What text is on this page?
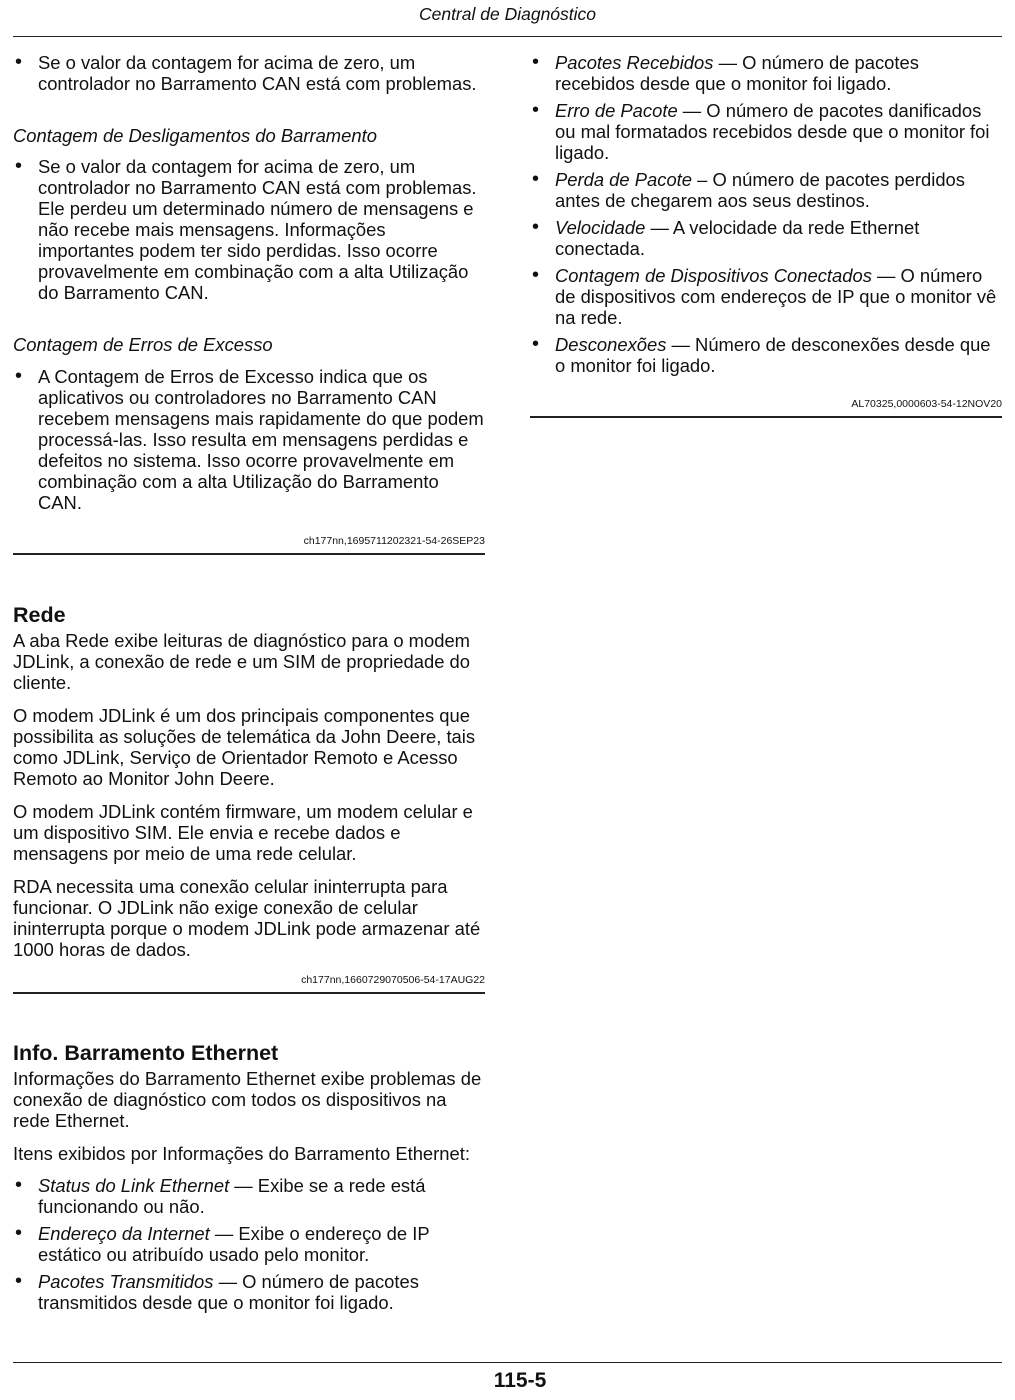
Central de Diagnóstico
• Se o valor da contagem for acima de zero, um controlador no Barramento CAN está com problemas.

Contagem de Desligamentos do Barramento

• Se o valor da contagem for acima de zero, um controlador no Barramento CAN está com problemas. Ele perdeu um determinado número de mensagens e não recebe mais mensagens. Informações importantes podem ter sido perdidas. Isso ocorre provavelmente em combinação com a alta Utilização do Barramento CAN.

Contagem de Erros de Excesso

• A Contagem de Erros de Excesso indica que os aplicativos ou controladores no Barramento CAN recebem mensagens mais rapidamente do que podem processá-las. Isso resulta em mensagens perdidas e defeitos no sistema. Isso ocorre provavelmente em combinação com a alta Utilização do Barramento CAN.
ch177nn,1695711202321-54-26SEP23
Rede

A aba Rede exibe leituras de diagnóstico para o modem JDLink, a conexão de rede e um SIM de propriedade do cliente.

O modem JDLink é um dos principais componentes que possibilita as soluções de telemática da John Deere, tais como JDLink, Serviço de Orientador Remoto e Acesso Remoto ao Monitor John Deere.

O modem JDLink contém firmware, um modem celular e um dispositivo SIM. Ele envia e recebe dados e mensagens por meio de uma rede celular.

RDA necessita uma conexão celular ininterrupta para funcionar. O JDLink não exige conexão de celular ininterrupta porque o modem JDLink pode armazenar até 1000 horas de dados.

ch177nn,1660729070506-54-17AUG22
Info. Barramento Ethernet

Informações do Barramento Ethernet exibe problemas de conexão de diagnóstico com todos os dispositivos na rede Ethernet.

Itens exibidos por Informações do Barramento Ethernet:

• Status do Link Ethernet — Exibe se a rede está funcionando ou não.
• Endereço da Internet — Exibe o endereço de IP estático ou atribuído usado pelo monitor.
• Pacotes Transmitidos — O número de pacotes transmitidos desde que o monitor foi ligado.
• Pacotes Recebidos — O número de pacotes recebidos desde que o monitor foi ligado.
• Erro de Pacote — O número de pacotes danificados ou mal formatados recebidos desde que o monitor foi ligado.
• Perda de Pacote – O número de pacotes perdidos antes de chegarem aos seus destinos.
• Velocidade — A velocidade da rede Ethernet conectada.
• Contagem de Dispositivos Conectados — O número de dispositivos com endereços de IP que o monitor vê na rede.
• Desconexões — Número de desconexões desde que o monitor foi ligado.
AL70325,0000603-54-12NOV20
115-5
